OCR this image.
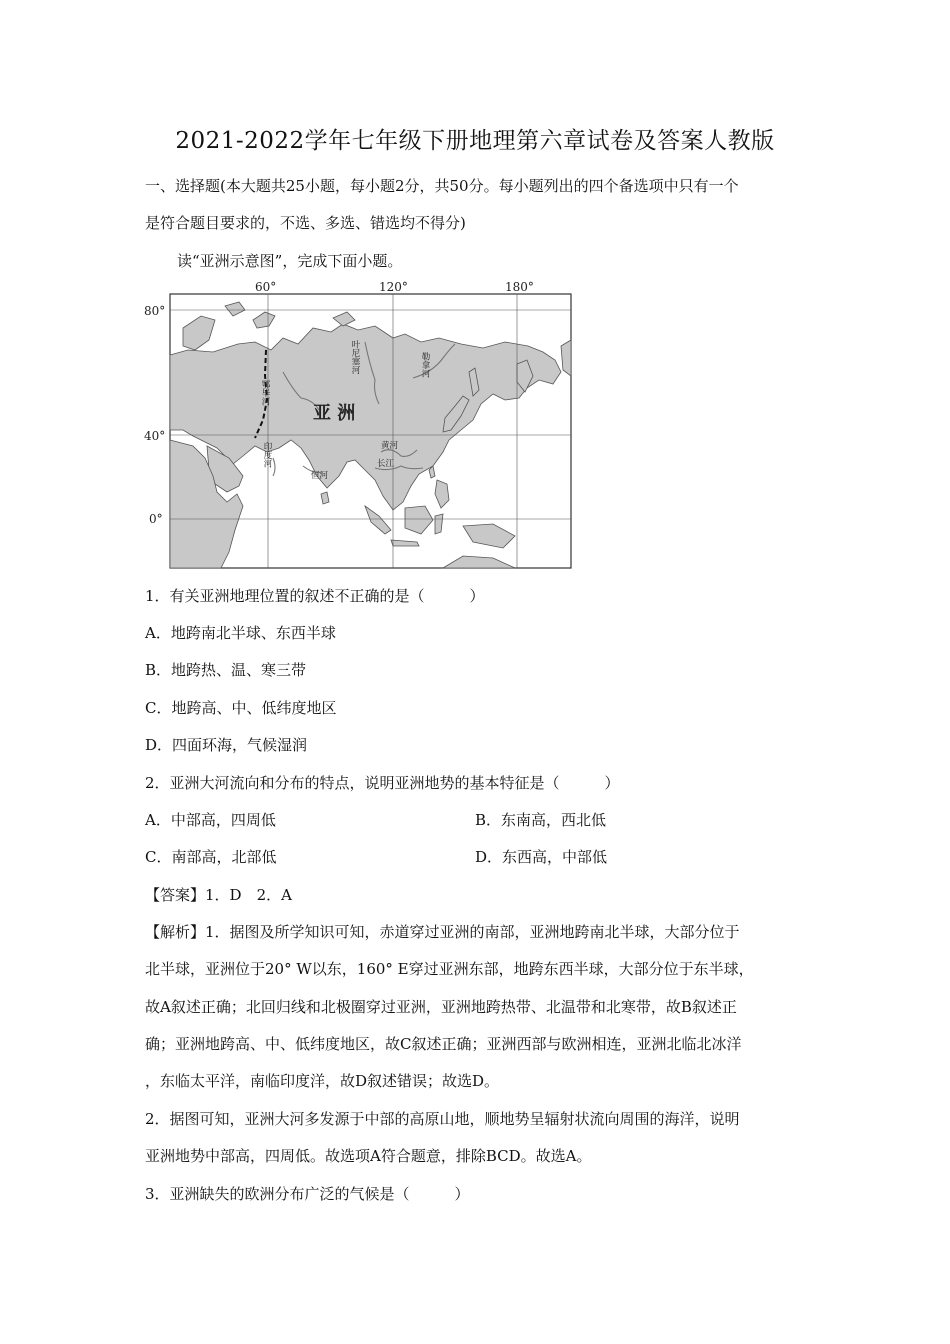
2021-2022学年七年级下册地理第六章试卷及答案人教版
一、选择题(本大题共25小题，每小题2分，共50分。每小题列出的四个备选项中只有一个
是符合题目要求的，不选、多选、错选均不得分)
读“亚洲示意图”，完成下面小题。
60°	120°	180°
80°
40°
0°
鄂毕河
叶尼塞河	勒拿河
印度河
恒河
黄河
长江
亚 洲
1．有关亚洲地理位置的叙述不正确的是（　　　）
A．地跨南北半球、东西半球
B．地跨热、温、寒三带
C．地跨高、中、低纬度地区
D．四面环海，气候湿润
2．亚洲大河流向和分布的特点，说明亚洲地势的基本特征是（　　　）
A．中部高，四周低	B．东南高，西北低
C．南部高，北部低	D．东西高，中部低
【答案】1．D　2．A
【解析】1．据图及所学知识可知，赤道穿过亚洲的南部，亚洲地跨南北半球，大部分位于
北半球，亚洲位于20° W以东，160° E穿过亚洲东部，地跨东西半球，大部分位于东半球，
故A叙述正确；北回归线和北极圈穿过亚洲，亚洲地跨热带、北温带和北寒带，故B叙述正
确；亚洲地跨高、中、低纬度地区，故C叙述正确；亚洲西部与欧洲相连，亚洲北临北冰洋
，东临太平洋，南临印度洋，故D叙述错误；故选D。
2．据图可知，亚洲大河多发源于中部的高原山地，顺地势呈辐射状流向周围的海洋，说明
亚洲地势中部高，四周低。故选项A符合题意，排除BCD。故选A。
3．亚洲缺失的欧洲分布广泛的气候是（　　　）
